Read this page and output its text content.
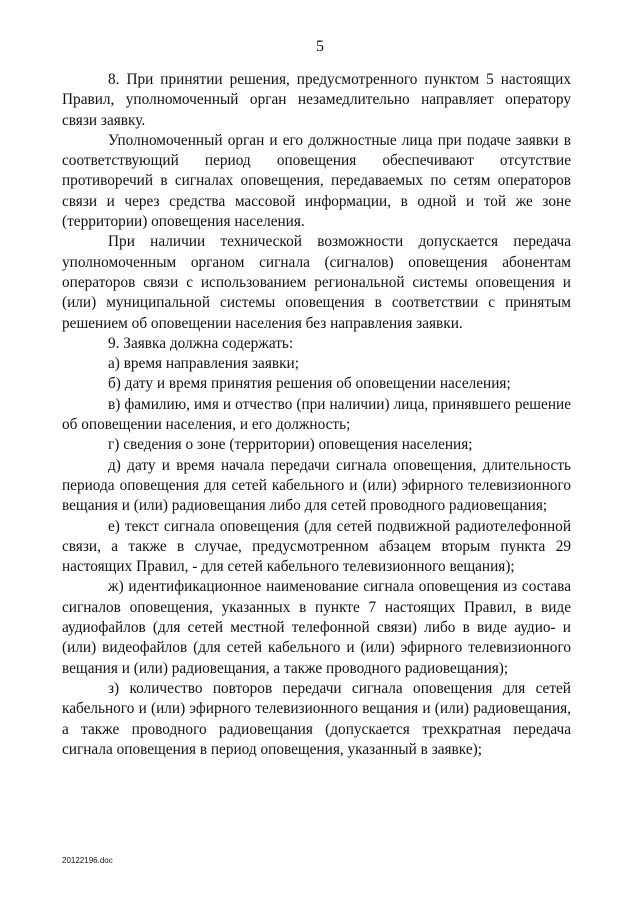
5

8. При принятии решения, предусмотренного пунктом 5 настоящих Правил, уполномоченный орган незамедлительно направляет оператору связи заявку.

Уполномоченный орган и его должностные лица при подаче заявки в соответствующий период оповещения обеспечивают отсутствие противоречий в сигналах оповещения, передаваемых по сетям операторов связи и через средства массовой информации, в одной и той же зоне (территории) оповещения населения.

При наличии технической возможности допускается передача уполномоченным органом сигнала (сигналов) оповещения абонентам операторов связи с использованием региональной системы оповещения и (или) муниципальной системы оповещения в соответствии с принятым решением об оповещении населения без направления заявки.

9. Заявка должна содержать:

а) время направления заявки;

б) дату и время принятия решения об оповещении населения;

в) фамилию, имя и отчество (при наличии) лица, принявшего решение об оповещении населения, и его должность;

г) сведения о зоне (территории) оповещения населения;

д) дату и время начала передачи сигнала оповещения, длительность периода оповещения для сетей кабельного и (или) эфирного телевизионного вещания и (или) радиовещания либо для сетей проводного радиовещания;

е) текст сигнала оповещения (для сетей подвижной радиотелефонной связи, а также в случае, предусмотренном абзацем вторым пункта 29 настоящих Правил, - для сетей кабельного телевизионного вещания);

ж) идентификационное наименование сигнала оповещения из состава сигналов оповещения, указанных в пункте 7 настоящих Правил, в виде аудиофайлов (для сетей местной телефонной связи) либо в виде аудио- и (или) видеофайлов (для сетей кабельного и (или) эфирного телевизионного вещания и (или) радиовещания, а также проводного радиовещания);

з) количество повторов передачи сигнала оповещения для сетей кабельного и (или) эфирного телевизионного вещания и (или) радиовещания, а также проводного радиовещания (допускается трехкратная передача сигнала оповещения в период оповещения, указанный в заявке);

20122196.doc
